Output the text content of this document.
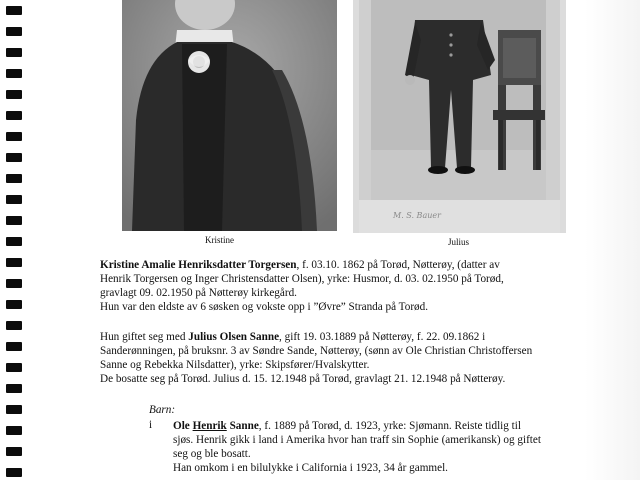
M. S. Bauer
Kristine	Julius

Kristine Amalie Henriksdatter Torgersen, f. 03.10. 1862 på Torød, Nøtterøy, (datter av

Henrik Torgersen og Inger Christensdatter Olsen), yrke: Husmor, d. 03. 02.1950 på Torød,

gravlagt 09. 02.1950 på Nøtterøy kirkegård.

Hun var den eldste av 6 søsken og vokste opp i ”Øvre” Stranda på Torød.

Hun giftet seg med Julius Olsen Sanne, gift 19. 03.1889 på Nøtterøy, f. 22. 09.1862 i

Sanderønningen, på bruksnr. 3 av Søndre Sande, Nøtterøy, (sønn av Ole Christian Christoffersen

Sanne og Rebekka Nilsdatter), yrke: Skipsfører/Hvalskytter.

De bosatte seg på Torød. Julius d. 15. 12.1948 på Torød, gravlagt 21. 12.1948 på Nøtterøy.

Barn:
i Ole Henrik Sanne, f. 1889 på Torød, d. 1923, yrke: Sjømann. Reiste tidlig til

sjøs. Henrik gikk i land i Amerika hvor han traff sin Sophie (amerikansk) og giftet

seg og ble bosatt.

Han omkom i en bilulykke i California i 1923, 34 år gammel.
